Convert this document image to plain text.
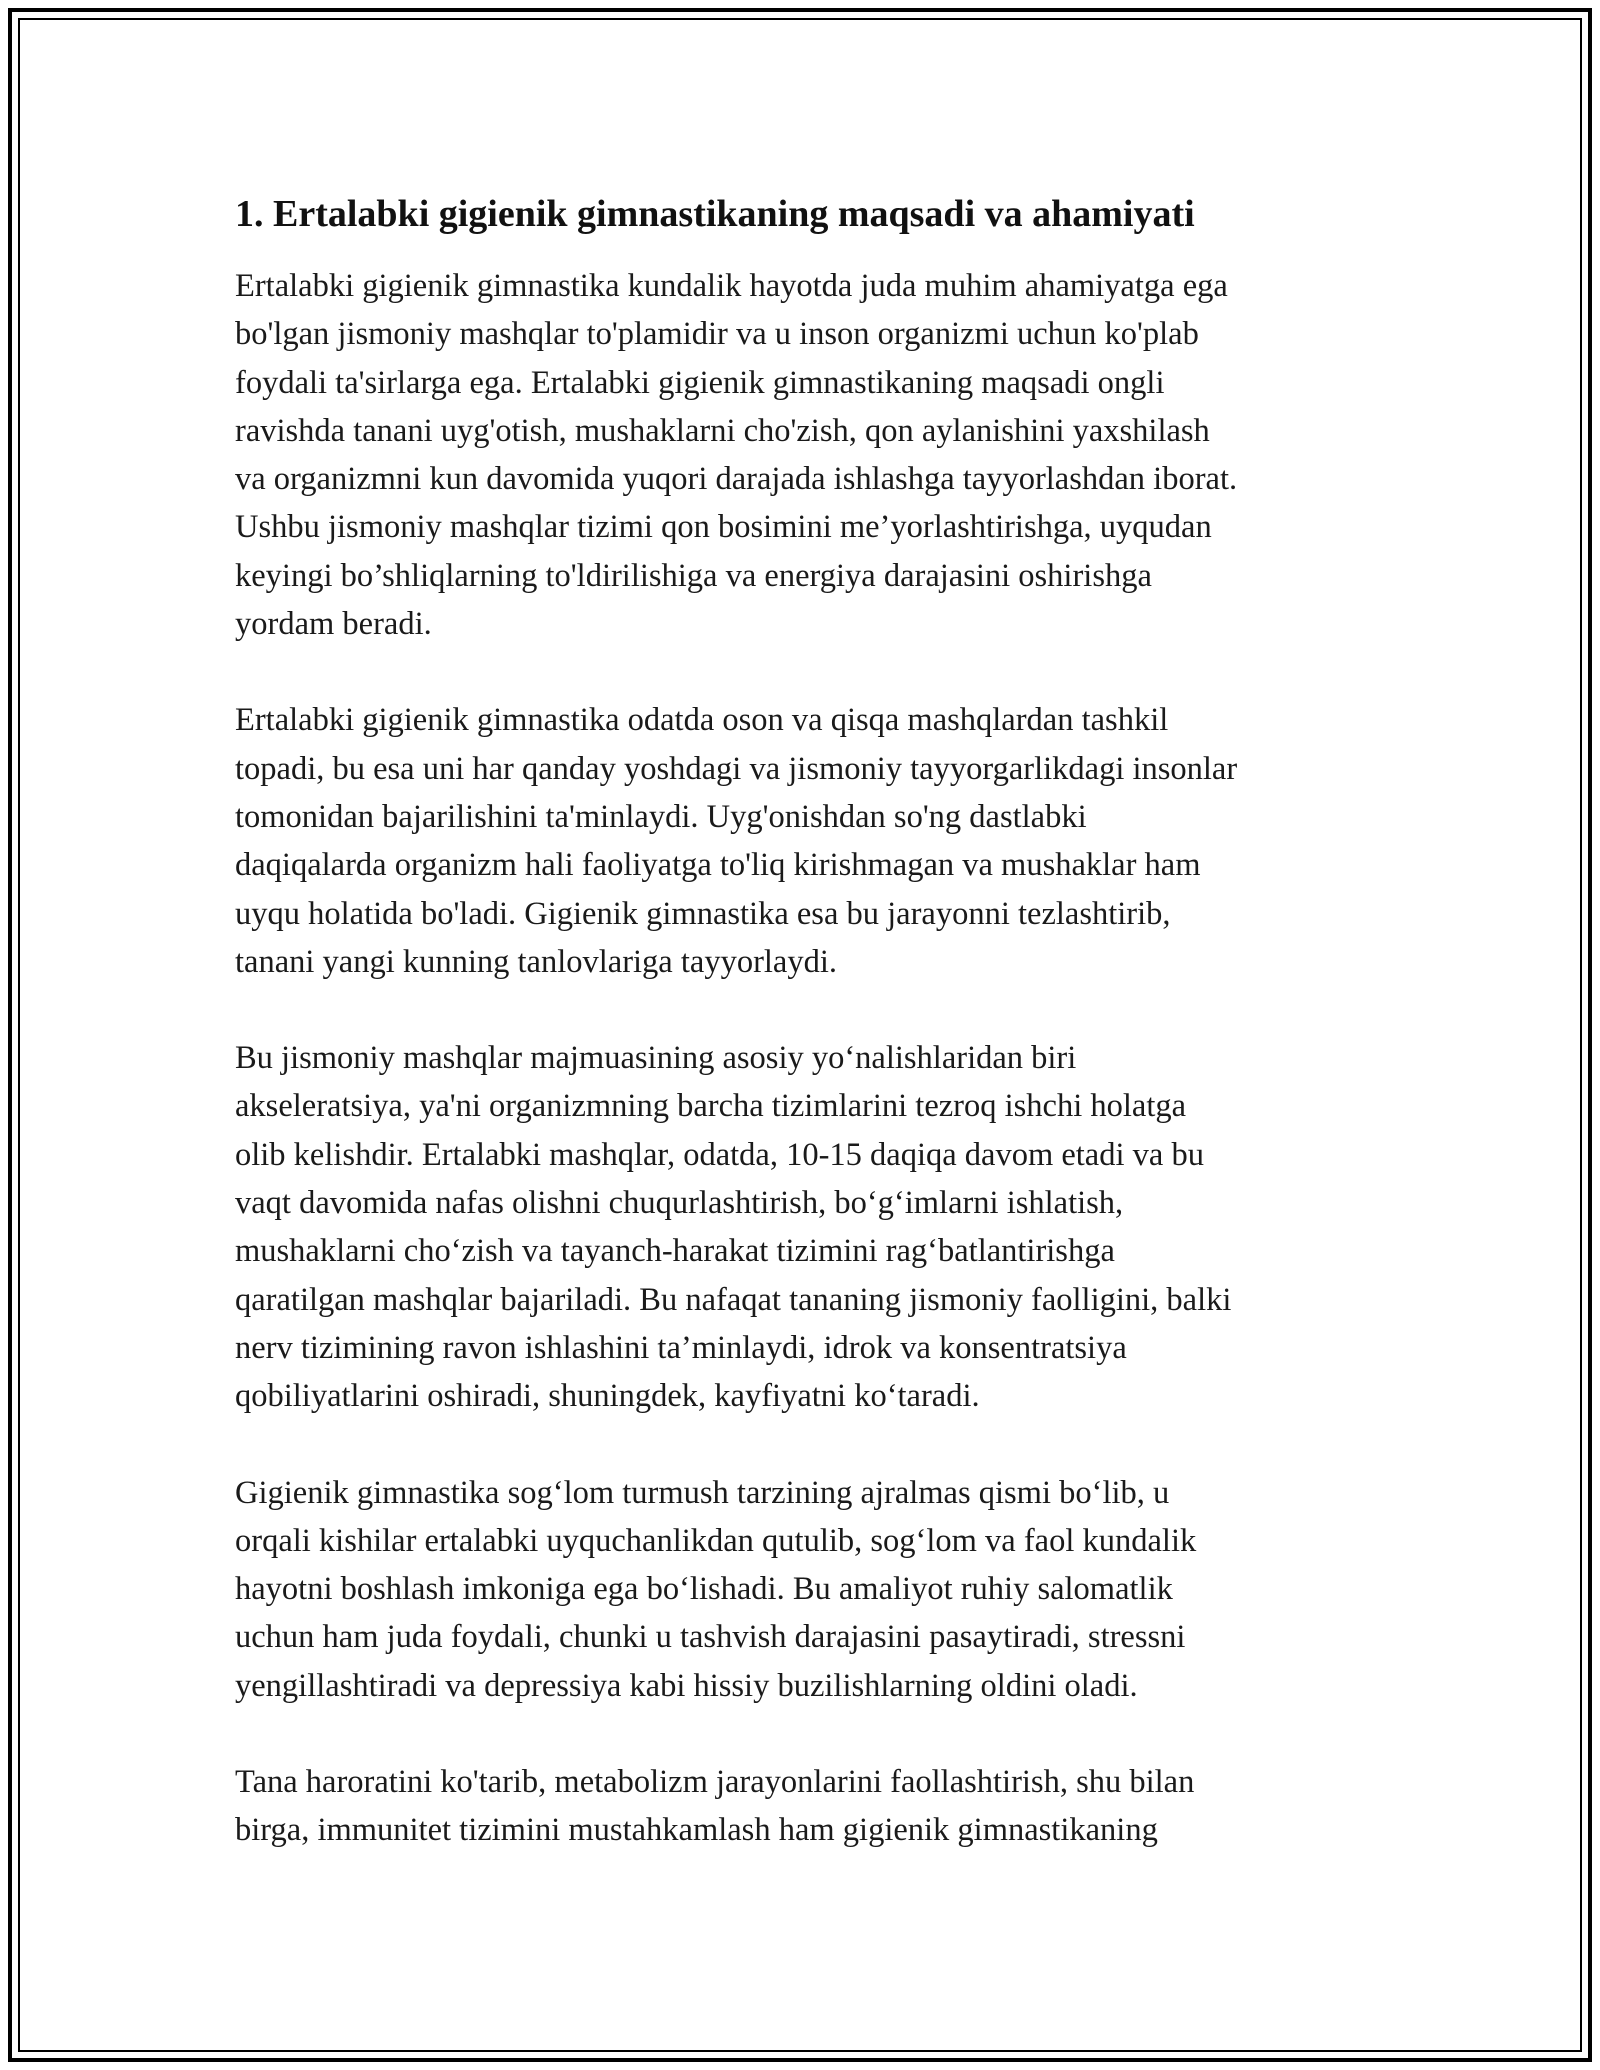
1. Ertalabki gigienik gimnastikaning maqsadi va ahamiyati

Ertalabki gigienik gimnastika kundalik hayotda juda muhim ahamiyatga ega
bo'lgan jismoniy mashqlar to'plamidir va u inson organizmi uchun ko'plab
foydali ta'sirlarga ega. Ertalabki gigienik gimnastikaning maqsadi ongli
ravishda tanani uyg'otish, mushaklarni cho'zish, qon aylanishini yaxshilash
va organizmni kun davomida yuqori darajada ishlashga tayyorlashdan iborat.
Ushbu jismoniy mashqlar tizimi qon bosimini me’yorlashtirishga, uyqudan
keyingi bo’shliqlarning to'ldirilishiga va energiya darajasini oshirishga
yordam beradi.

Ertalabki gigienik gimnastika odatda oson va qisqa mashqlardan tashkil
topadi, bu esa uni har qanday yoshdagi va jismoniy tayyorgarlikdagi insonlar
tomonidan bajarilishini ta'minlaydi. Uyg'onishdan so'ng dastlabki
daqiqalarda organizm hali faoliyatga to'liq kirishmagan va mushaklar ham
uyqu holatida bo'ladi. Gigienik gimnastika esa bu jarayonni tezlashtirib,
tanani yangi kunning tanlovlariga tayyorlaydi.

Bu jismoniy mashqlar majmuasining asosiy yo‘nalishlaridan biri
akseleratsiya, ya'ni organizmning barcha tizimlarini tezroq ishchi holatga
olib kelishdir. Ertalabki mashqlar, odatda, 10-15 daqiqa davom etadi va bu
vaqt davomida nafas olishni chuqurlashtirish, bo‘g‘imlarni ishlatish,
mushaklarni cho‘zish va tayanch-harakat tizimini rag‘batlantirishga
qaratilgan mashqlar bajariladi. Bu nafaqat tananing jismoniy faolligini, balki
nerv tizimining ravon ishlashini ta’minlaydi, idrok va konsentratsiya
qobiliyatlarini oshiradi, shuningdek, kayfiyatni ko‘taradi.

Gigienik gimnastika sog‘lom turmush tarzining ajralmas qismi bo‘lib, u
orqali kishilar ertalabki uyquchanlikdan qutulib, sog‘lom va faol kundalik
hayotni boshlash imkoniga ega bo‘lishadi. Bu amaliyot ruhiy salomatlik
uchun ham juda foydali, chunki u tashvish darajasini pasaytiradi, stressni
yengillashtiradi va depressiya kabi hissiy buzilishlarning oldini oladi.

Tana haroratini ko'tarib, metabolizm jarayonlarini faollashtirish, shu bilan
birga, immunitet tizimini mustahkamlash ham gigienik gimnastikaning
